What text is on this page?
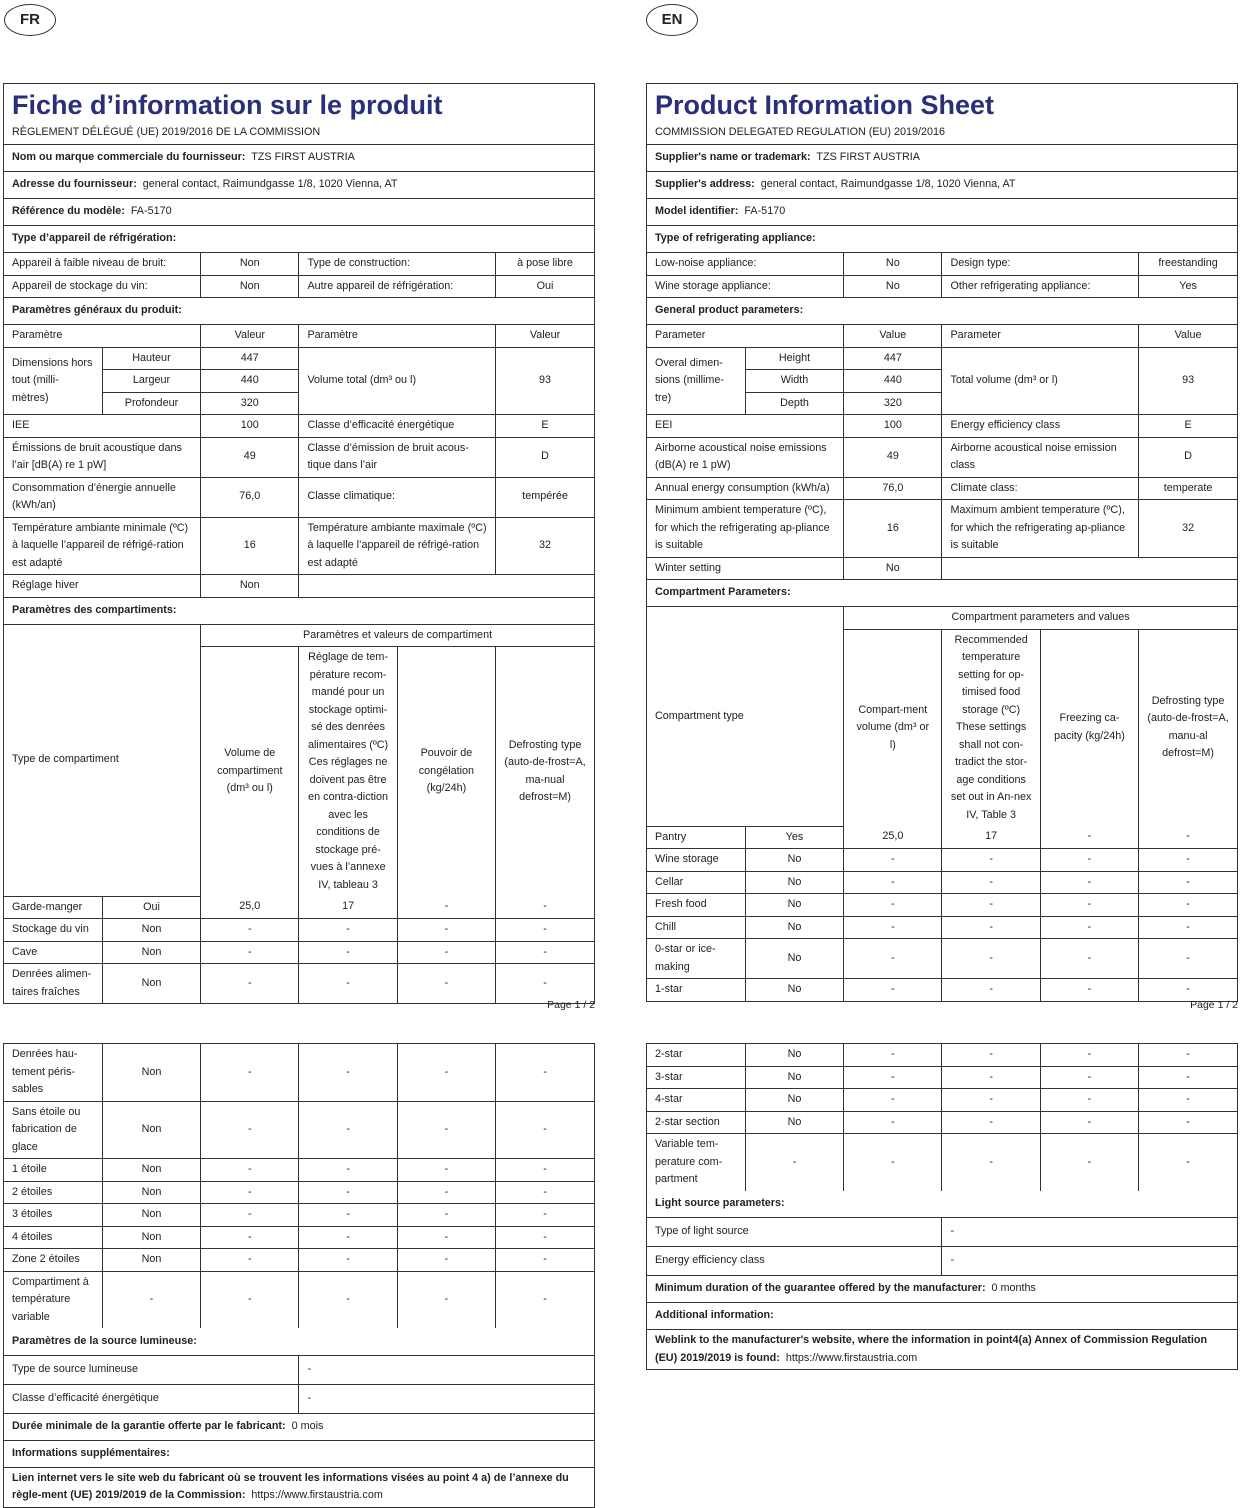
FR	EN
Fiche d’information sur le produit
RÈGLEMENT DÉLÉGUÉ (UE) 2019/2016 DE LA COMMISSION					

Nom ou marque commerciale du fournisseur: TZS FIRST AUSTRIA					
Adresse du fournisseur: general contact, Raimundgasse 1/8, 1020 Vienna, AT					
Référence du modèle: FA-5170					
Type d’appareil de réfrigération:					
Appareil à faible niveau de bruit:		Non	Type de construction:		à pose libre
Appareil de stockage du vin:		Non	Autre appareil de réfrigération:		Oui
Paramètres généraux du produit:					
Paramètre		Valeur	Paramètre		Valeur
Dimensions hors tout (milli-mètres)	Hauteur	447	Volume total (dm³ ou l)		93
	Largeur	440			
	Profondeur	320			
IEE		100	Classe d’efficacité énergétique		E
Émissions de bruit acoustique dans l’air [dB(A) re 1 pW]		49	Classe d’émission de bruit acous-tique dans l’air		D
Consommation d’énergie annuelle (kWh/an)		76,0	Classe climatique:		tempérée
Température ambiante minimale (ºC) à laquelle l’appareil de réfrigé-ration est adapté		16	Température ambiante maximale (ºC) à laquelle l’appareil de réfrigé-ration est adapté		32
Réglage hiver		Non			
Paramètres des compartiments:					
Type de compartiment		Paramètres et valeurs de compartiment			
		Volume de compartiment (dm³ ou l)	Réglage de tem-pérature recom-mandé pour un stockage optimi-sé des denrées alimentaires (ºC) Ces réglages ne doivent pas être en contra-diction avec les conditions de stockage pré-vues à l’annexe IV, tableau 3	Pouvoir de congélation (kg/24h)	Defrosting type (auto-de-frost=A, ma-nual defrost=M)
Garde-manger	Oui	25,0	17	-	-
Stockage du vin	Non	-	-	-	-
Cave	Non	-	-	-	-
Denrées alimen-taires fraîches	Non	-	-	-	-
Page 1 / 2
Denrées hau-tement péris-sables	Non	-	-	-	-
Sans étoile ou fabrication de glace	Non	-	-	-	-
1 étoile	Non	-	-	-	-
2 étoiles	Non	-	-	-	-
3 étoiles	Non	-	-	-	-
4 étoiles	Non	-	-	-	-
Zone 2 étoiles	Non	-	-	-	-
Compartiment à température variable	-	-	-	-	-
Paramètres de la source lumineuse:					
Type de source lumineuse			-		
Classe d’efficacité énergétique			-		
Durée minimale de la garantie offerte par le fabricant: 0 mois					
Informations supplémentaires:					
Lien internet vers le site web du fabricant où se trouvent les informations visées au point 4 a) de l’annexe du règle-ment (UE) 2019/2019 de la Commission: https://www.firstaustria.com					
Product Information Sheet
COMMISSION DELEGATED REGULATION (EU) 2019/2016					

Supplier's name or trademark: TZS FIRST AUSTRIA					
Supplier's address: general contact, Raimundgasse 1/8, 1020 Vienna, AT					
Model identifier: FA-5170					
Type of refrigerating appliance:					
Low-noise appliance:		No	Design type:		freestanding
Wine storage appliance:		No	Other refrigerating appliance:		Yes
General product parameters:					
Parameter		Value	Parameter		Value
Overal dimen-sions (millime-tre)	Height	447	Total volume (dm³ or l)		93
	Width	440			
	Depth	320			
EEI		100	Energy efficiency class		E
Airborne acoustical noise emissions (dB(A) re 1 pW)		49	Airborne acoustical noise emission class		D
Annual energy consumption (kWh/a)		76,0	Climate class:		temperate
Minimum ambient temperature (ºC), for which the refrigerating ap-pliance is suitable		16	Maximum ambient temperature (ºC), for which the refrigerating ap-pliance is suitable		32
Winter setting		No			
Compartment Parameters:					
Compartment type		Compartment parameters and values			
		Compart-ment volume (dm³ or l)	Recommended temperature setting for op-timised food storage (ºC) These settings shall not con-tradict the stor-age conditions set out in An-nex IV, Table 3	Freezing ca-pacity (kg/24h)	Defrosting type (auto-de-frost=A, manu-al defrost=M)
Pantry	Yes	25,0	17	-	-
Wine storage	No	-	-	-	-
Cellar	No	-	-	-	-
Fresh food	No	-	-	-	-
Chill	No	-	-	-	-
0-star or ice-making	No	-	-	-	-
1-star	No	-	-	-	-
Page 1 / 2
2-star	No	-	-	-	-
3-star	No	-	-	-	-
4-star	No	-	-	-	-
2-star section	No	-	-	-	-
Variable tem-perature com-partment	-	-	-	-	-
Light source parameters:					
Type of light source			-		
Energy efficiency class			-		
Minimum duration of the guarantee offered by the manufacturer: 0 months					
Additional information:					
Weblink to the manufacturer's website, where the information in point4(a) Annex of Commission Regulation (EU) 2019/2019 is found: https://www.firstaustria.com					
